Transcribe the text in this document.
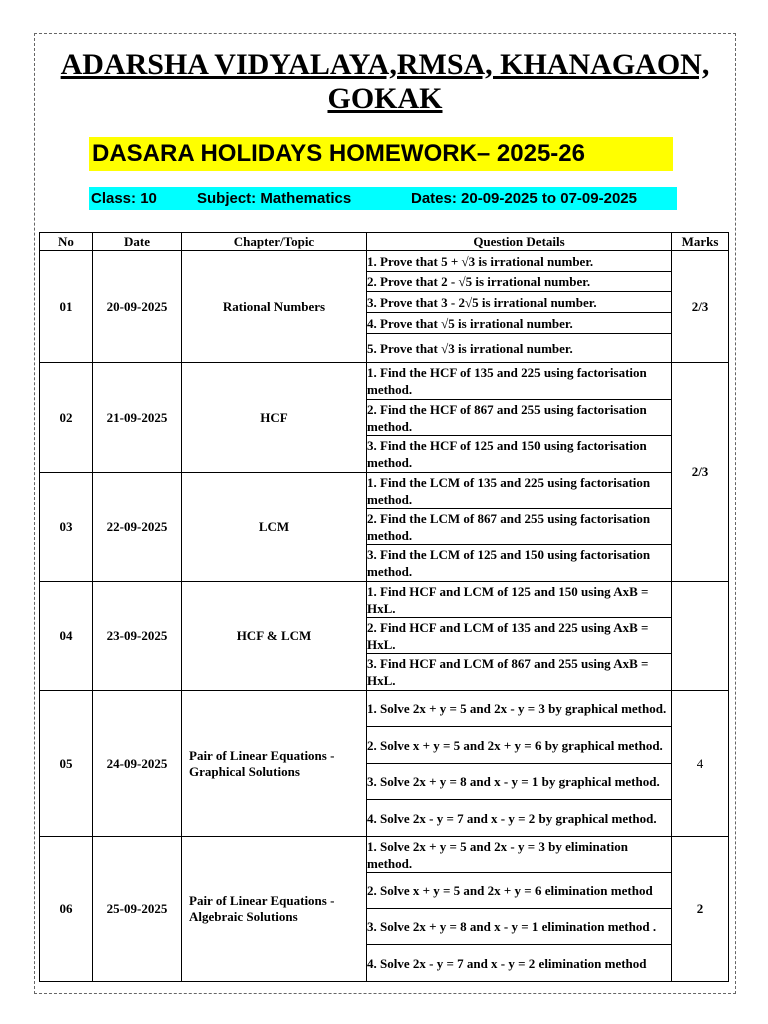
ADARSHA VIDYALAYA,RMSA, KHANAGAON,
GOKAK
DASARA HOLIDAYS HOMEWORK– 2025-26
Class: 10	Subject: Mathematics	Dates: 20-09-2025 to 07-09-2025
No	Date	Chapter/Topic	Question Details	Marks
01	20-09-2025	Rational Numbers	1. Prove that 5 + √3 is irrational number.	2/3
			2. Prove that 2 - √5 is irrational number.	
			3. Prove that 3 - 2√5 is irrational number.	
			4. Prove that √5 is irrational number.	
			5. Prove that √3 is irrational number.	
02	21-09-2025	HCF	1. Find the HCF of 135 and 225 using factorisation method.	2/3
			2. Find the HCF of 867 and 255 using factorisation method.	
			3. Find the HCF of 125 and 150 using factorisation method.	
03	22-09-2025	LCM	1. Find the LCM of 135 and 225 using factorisation method.	
			2. Find the LCM of 867 and 255 using factorisation method.	
			3. Find the LCM of 125 and 150 using factorisation method.	
04	23-09-2025	HCF & LCM	1. Find HCF and LCM of 125 and 150 using AxB = HxL.	
			2. Find HCF and LCM of 135 and 225 using AxB = HxL.	
			3. Find HCF and LCM of 867 and 255 using AxB = HxL.	
05	24-09-2025	Pair of Linear Equations - Graphical Solutions	1. Solve 2x + y = 5 and 2x - y = 3 by graphical method.	4
			2. Solve x + y = 5 and 2x + y = 6 by graphical method.	
			3. Solve 2x + y = 8 and x - y = 1 by graphical method.	
			4. Solve 2x - y = 7 and x - y = 2 by graphical method.	
06	25-09-2025	Pair of Linear Equations - Algebraic Solutions	1. Solve 2x + y = 5 and 2x - y = 3 by elimination method.	2
			2. Solve x + y = 5 and 2x + y = 6 elimination method	
			3. Solve 2x + y = 8 and x - y = 1 elimination method .	
			4. Solve 2x - y = 7 and x - y = 2 elimination method	
